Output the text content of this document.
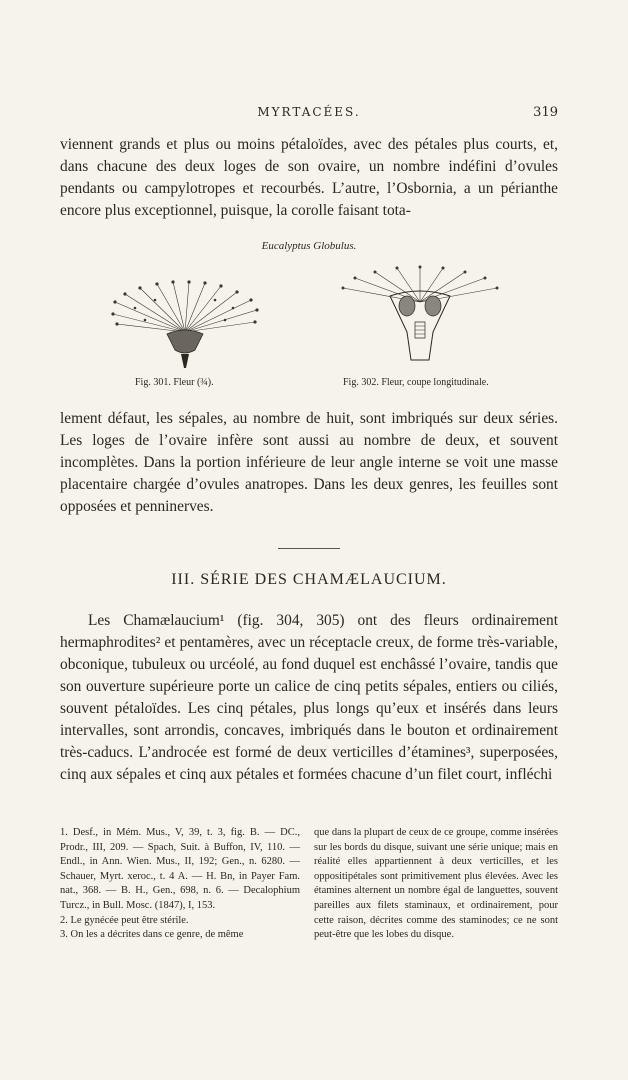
MYRTACÉES.	319

viennent grands et plus ou moins pétaloïdes, avec des pétales plus courts, et, dans chacune des deux loges de son ovaire, un nombre indéfini d’ovules pendants ou campylotropes et recourbés. L’autre, l’Osbornia, a un périanthe encore plus exceptionnel, puisque, la corolle faisant tota-

Eucalyptus Globulus.
Fig. 301. Fleur (¾).	Fig. 302. Fleur, coupe longitudinale.

lement défaut, les sépales, au nombre de huit, sont imbriqués sur deux séries. Les loges de l’ovaire infère sont aussi au nombre de deux, et souvent incomplètes. Dans la portion inférieure de leur angle interne se voit une masse placentaire chargée d’ovules anatropes. Dans les deux genres, les feuilles sont opposées et penninerves.

III. SÉRIE DES CHAMÆLAUCIUM.

Les Chamælaucium¹ (fig. 304, 305) ont des fleurs ordinairement hermaphrodites² et pentamères, avec un réceptacle creux, de forme très-variable, obconique, tubuleux ou urcéolé, au fond duquel est enchâssé l’ovaire, tandis que son ouverture supérieure porte un calice de cinq petits sépales, entiers ou ciliés, souvent pétaloïdes. Les cinq pétales, plus longs qu’eux et insérés dans leurs intervalles, sont arrondis, concaves, imbriqués dans le bouton et ordinairement très-caducs. L’androcée est formé de deux verticilles d’étamines³, superposées, cinq aux sépales et cinq aux pétales et formées chacune d’un filet court, infléchi

1. Desf., in Mém. Mus., V, 39, t. 3, fig. B. — DC., Prodr., III, 209. — Spach, Suit. à Buffon, IV, 110. — Endl., in Ann. Wien. Mus., II, 192; Gen., n. 6280. — Schauer, Myrt. xeroc., t. 4 A. — H. Bn, in Payer Fam. nat., 368. — B. H., Gen., 698, n. 6. — Decalophium Turcz., in Bull. Mosc. (1847), I, 153.

2. Le gynécée peut être stérile.

3. On les a décrites dans ce genre, de même

que dans la plupart de ceux de ce groupe, comme insérées sur les bords du disque, suivant une série unique; mais en réalité elles appartiennent à deux verticilles, et les oppositipétales sont primitivement plus élevées. Avec les étamines alternent un nombre égal de languettes, souvent pareilles aux filets staminaux, et ordinairement, pour cette raison, décrites comme des staminodes; ce ne sont peut-être que les lobes du disque.
